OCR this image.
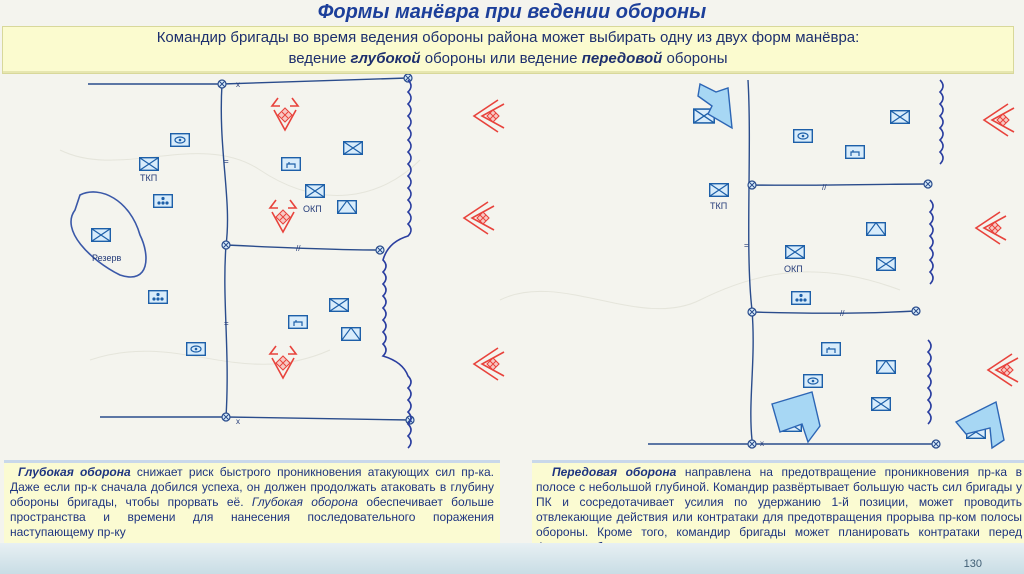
Формы манёвра при ведении обороны
Командир бригады во время ведения обороны района может выбирать одну из двух форм манёвра:
ведение глубокой обороны или ведение передовой обороны
x
x
//
=
=
ТКП
Резерв
ОКП
//
//
x
=
ТКП
ОКП
Глубокая оборона снижает риск быстрого проникновения атакующих сил пр-ка. Даже если пр-к сначала добился успеха, он должен продолжать атаковать в глубину обороны бригады, чтобы прорвать её. Глубокая оборона обеспечивает больше пространства и времени для нанесения последовательного поражения наступающему пр-ку
Передовая оборона направлена на предотвращение проникновения пр-ка в полосе с небольшой глубиной. Командир развёртывает большую часть сил бригады у ПК и сосредотачивает усилия по удержанию 1-й позиции, может проводить отвлекающие действия или контратаки для предотвращения прорыва пр-ком полосы обороны. Кроме того, командир бригады может планировать контратаки перед
130
